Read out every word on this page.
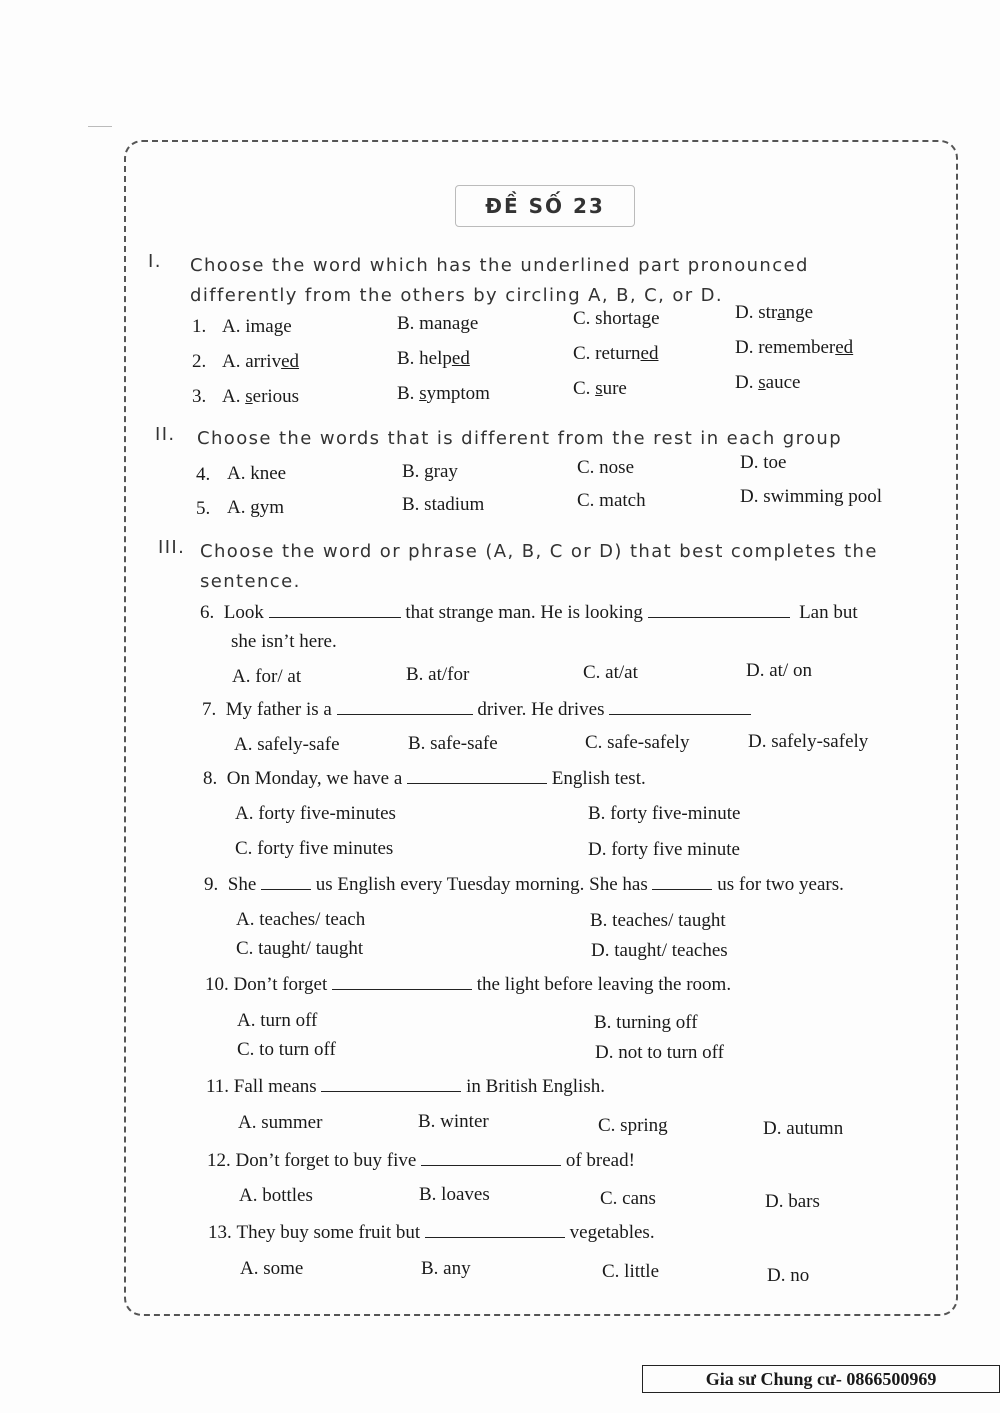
ĐỀ SỐ 23
I. Choose the word which has the underlined part pronounced differently from the others by circling A, B, C, or D.
1. A. image	B. manage	C. shortage	D. strange
2. A. arrived	B. helped	C. returned	D. remembered
3. A. serious	B. symptom	C. sure	D. sauce
II. Choose the words that is different from the rest in each group
4. A. knee	B. gray	C. nose	D. toe
5. A. gym	B. stadium	C. match	D. swimming pool
III. Choose the word or phrase (A, B, C or D) that best completes the sentence.
6. Look	that strange man. He is looking	Lan but
she isn’t here.
A. for/ at	B. at/for	C. at/at	D. at/ on
7. My father is a	driver. He drives
A. safely-safe	B. safe-safe	C. safe-safely	D. safely-safely
8. On Monday, we have a	English test.
A. forty five-minutes	B. forty five-minute
C. forty five minutes	D. forty five minute
9. She	us English every Tuesday morning. She has	us for two years.
A. teaches/ teach	B. teaches/ taught
C. taught/ taught	D. taught/ teaches
10. Don’t forget	the light before leaving the room.
A. turn off	B. turning off
C. to turn off	D. not to turn off
11. Fall means	in British English.
A. summer	B. winter	C. spring	D. autumn
12. Don’t forget to buy five	of bread!
A. bottles	B. loaves	C. cans	D. bars
13. They buy some fruit but	vegetables.
A. some	B. any	C. little	D. no
Gia sư Chung cư- 0866500969
